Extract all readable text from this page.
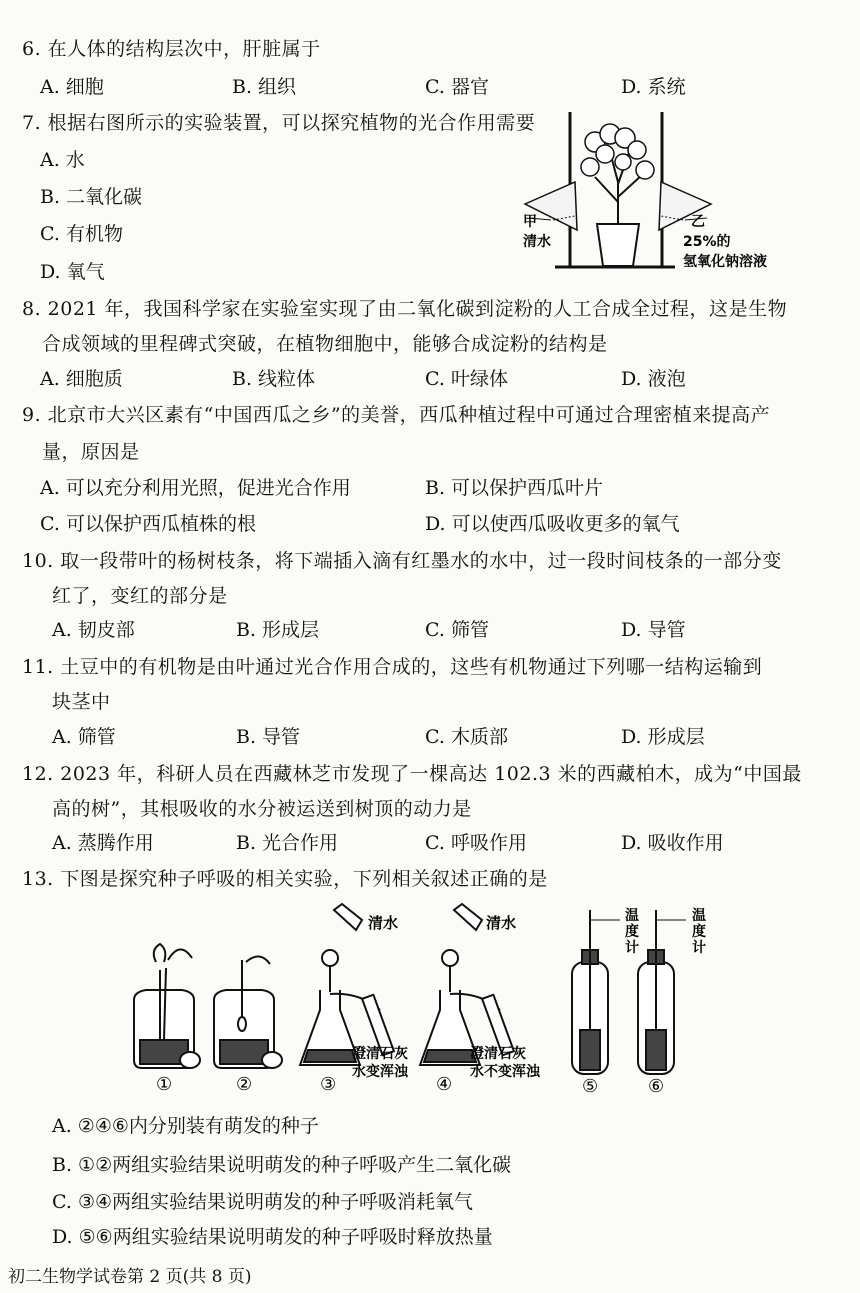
6. 在人体的结构层次中，肝脏属于
A. 细胞	B. 组织	C. 器官	D. 系统
7. 根据右图所示的实验装置，可以探究植物的光合作用需要
A. 水
B. 二氧化碳
C. 有机物
D. 氧气
甲
清水
乙
25%的
氢氧化钠溶液
8. 2021 年，我国科学家在实验室实现了由二氧化碳到淀粉的人工合成全过程，这是生物
合成领域的里程碑式突破，在植物细胞中，能够合成淀粉的结构是
A. 细胞质	B. 线粒体	C. 叶绿体	D. 液泡
9. 北京市大兴区素有“中国西瓜之乡”的美誉，西瓜种植过程中可通过合理密植来提高产
量，原因是
A. 可以充分利用光照，促进光合作用	B. 可以保护西瓜叶片
C. 可以保护西瓜植株的根	D. 可以使西瓜吸收更多的氧气
10. 取一段带叶的杨树枝条，将下端插入滴有红墨水的水中，过一段时间枝条的一部分变
红了，变红的部分是
A. 韧皮部	B. 形成层	C. 筛管	D. 导管
11. 土豆中的有机物是由叶通过光合作用合成的，这些有机物通过下列哪一结构运输到
块茎中
A. 筛管	B. 导管	C. 木质部	D. 形成层
12. 2023 年，科研人员在西藏林芝市发现了一棵高达 102.3 米的西藏柏木，成为“中国最
高的树”，其根吸收的水分被运送到树顶的动力是
A. 蒸腾作用	B. 光合作用	C. 呼吸作用	D. 吸收作用
13. 下图是探究种子呼吸的相关实验，下列相关叙述正确的是
①	②
清水
澄清石灰
水变浑浊
③
清水
澄清石灰
水不变浑浊
④
温
度
计
⑤
温
度
计
⑥
A. ②④⑥内分别装有萌发的种子
B. ①②两组实验结果说明萌发的种子呼吸产生二氧化碳
C. ③④两组实验结果说明萌发的种子呼吸消耗氧气
D. ⑤⑥两组实验结果说明萌发的种子呼吸时释放热量
初二生物学试卷第 2 页(共 8 页)
